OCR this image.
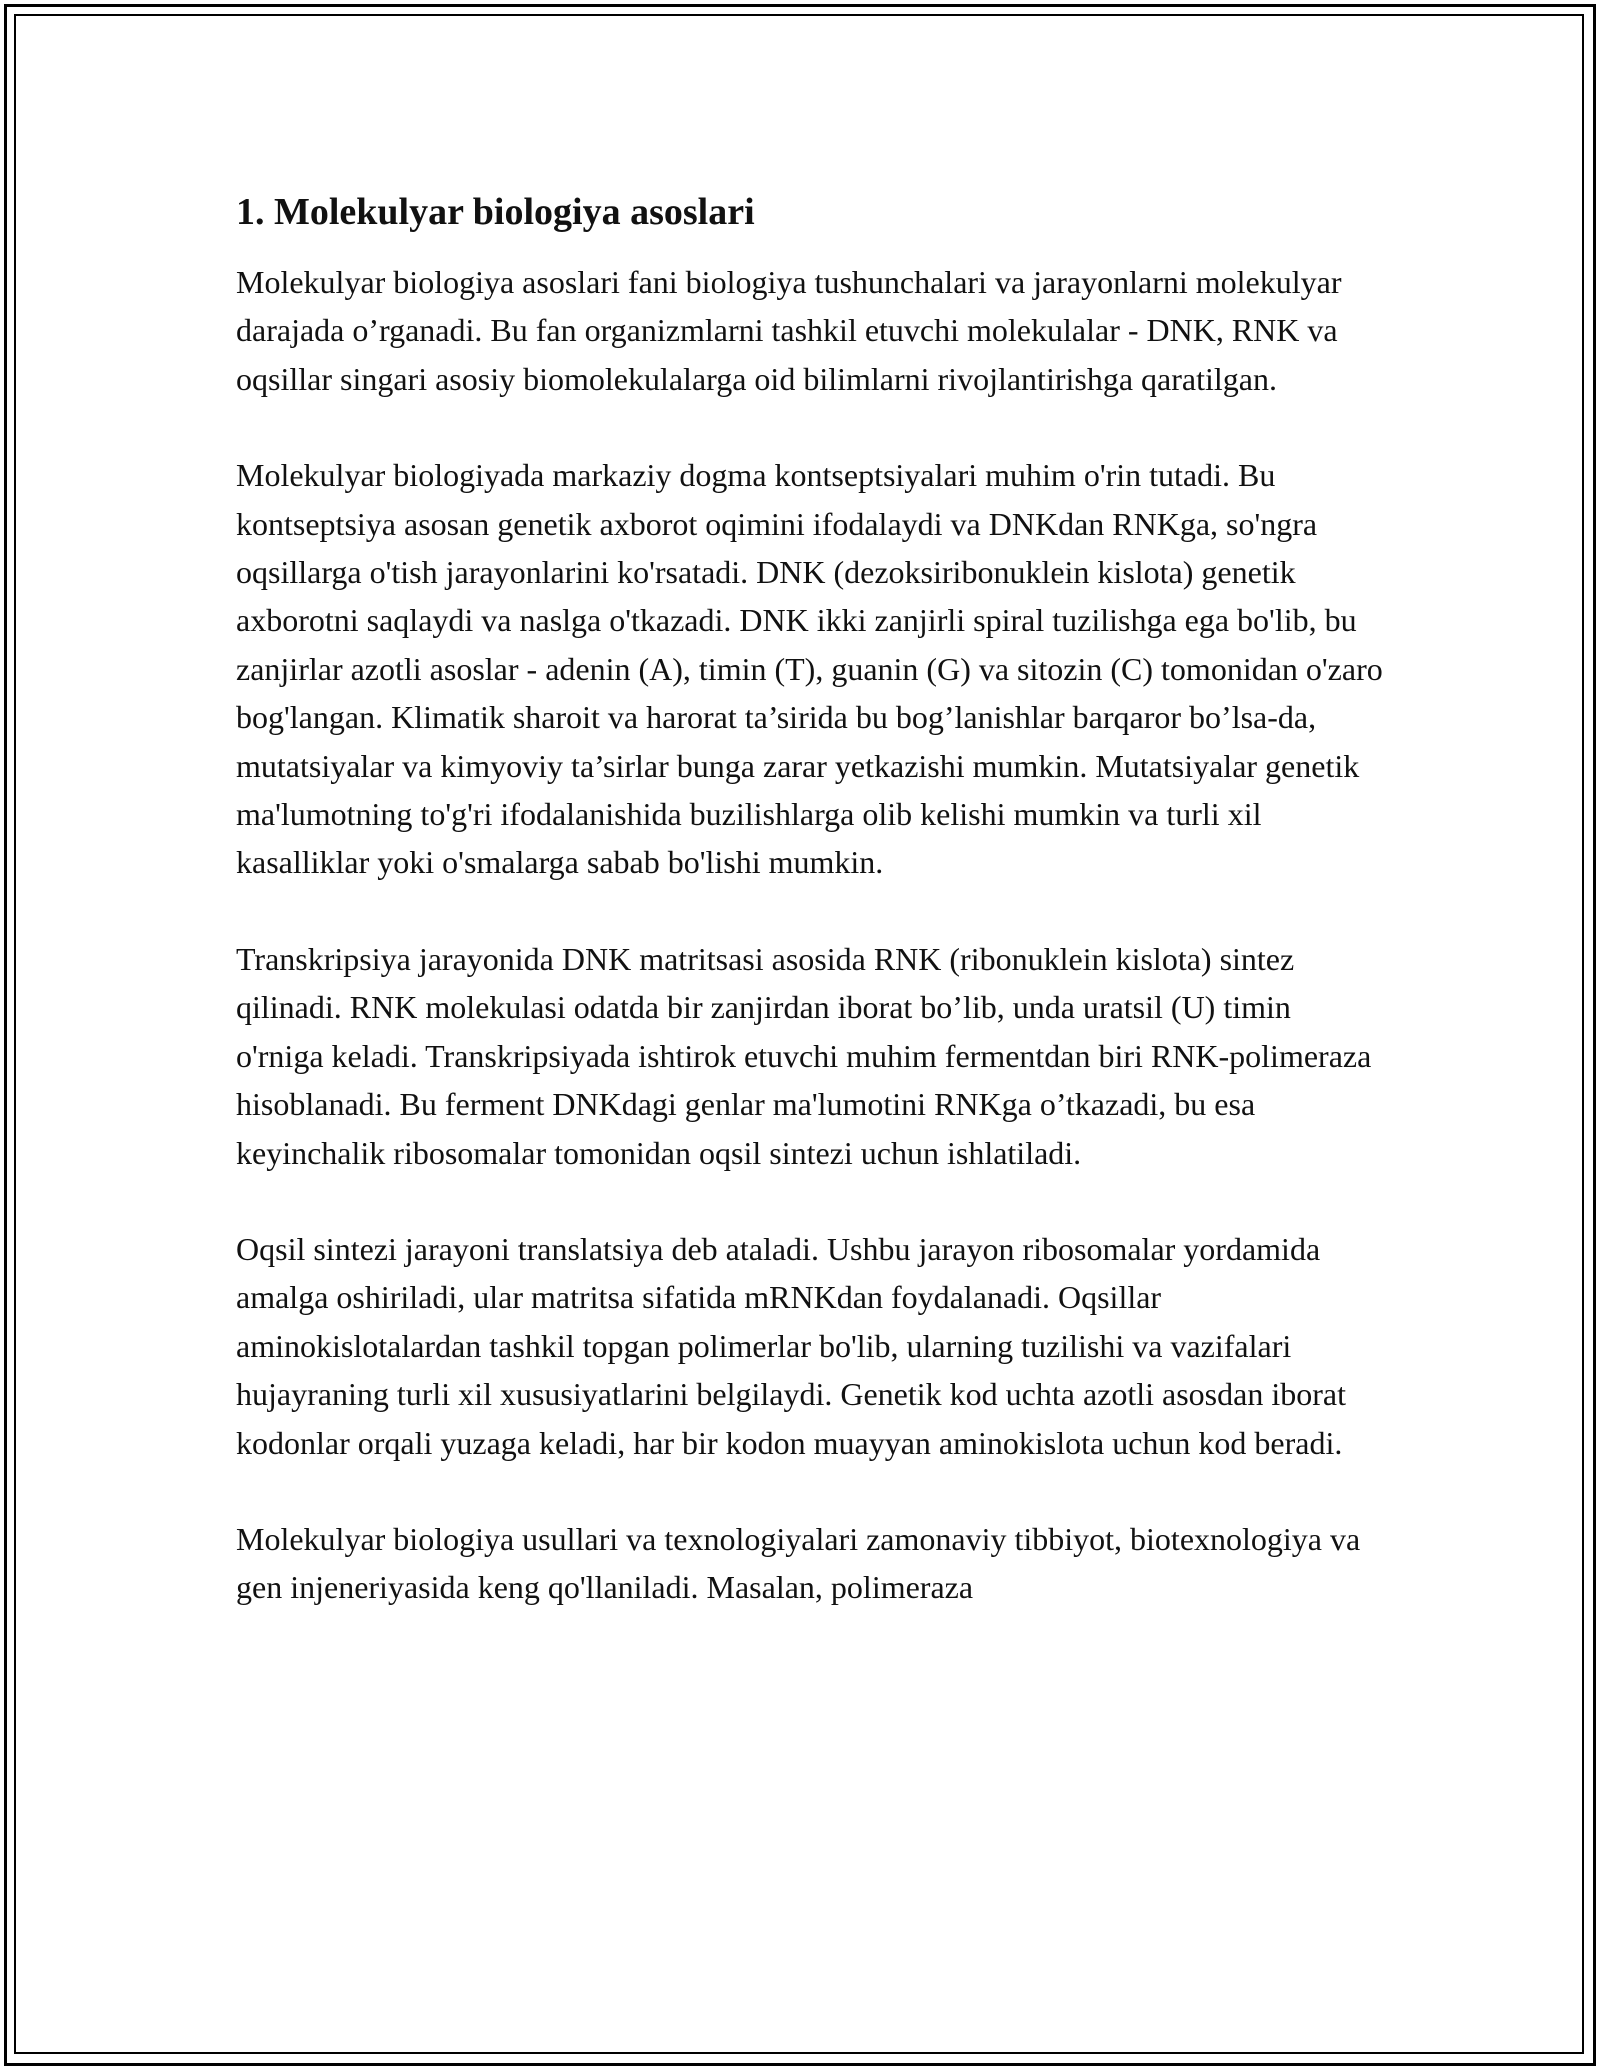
1. Molekulyar biologiya asoslari

Molekulyar biologiya asoslari fani biologiya tushunchalari va jarayonlarni molekulyar darajada o’rganadi. Bu fan organizmlarni tashkil etuvchi molekulalar - DNK, RNK va oqsillar singari asosiy biomolekulalarga oid bilimlarni rivojlantirishga qaratilgan.

Molekulyar biologiyada markaziy dogma kontseptsiyalari muhim o'rin tutadi. Bu kontseptsiya asosan genetik axborot oqimini ifodalaydi va DNKdan RNKga, so'ngra oqsillarga o'tish jarayonlarini ko'rsatadi. DNK (dezoksiribonuklein kislota) genetik axborotni saqlaydi va naslga o'tkazadi. DNK ikki zanjirli spiral tuzilishga ega bo'lib, bu zanjirlar azotli asoslar - adenin (A), timin (T), guanin (G) va sitozin (C) tomonidan o'zaro bog'langan. Klimatik sharoit va harorat ta’sirida bu bog’lanishlar barqaror bo’lsa-da, mutatsiyalar va kimyoviy ta’sirlar bunga zarar yetkazishi mumkin. Mutatsiyalar genetik ma'lumotning to'g'ri ifodalanishida buzilishlarga olib kelishi mumkin va turli xil kasalliklar yoki o'smalarga sabab bo'lishi mumkin.

Transkripsiya jarayonida DNK matritsasi asosida RNK (ribonuklein kislota) sintez qilinadi. RNK molekulasi odatda bir zanjirdan iborat bo’lib, unda uratsil (U) timin o'rniga keladi. Transkripsiyada ishtirok etuvchi muhim fermentdan biri RNK-polimeraza hisoblanadi. Bu ferment DNKdagi genlar ma'lumotini RNKga o’tkazadi, bu esa keyinchalik ribosomalar tomonidan oqsil sintezi uchun ishlatiladi.

Oqsil sintezi jarayoni translatsiya deb ataladi. Ushbu jarayon ribosomalar yordamida amalga oshiriladi, ular matritsa sifatida mRNKdan foydalanadi. Oqsillar aminokislotalardan tashkil topgan polimerlar bo'lib, ularning tuzilishi va vazifalari hujayraning turli xil xususiyatlarini belgilaydi. Genetik kod uchta azotli asosdan iborat kodonlar orqali yuzaga keladi, har bir kodon muayyan aminokislota uchun kod beradi.

Molekulyar biologiya usullari va texnologiyalari zamonaviy tibbiyot, biotexnologiya va gen injeneriyasida keng qo'llaniladi. Masalan, polimeraza
